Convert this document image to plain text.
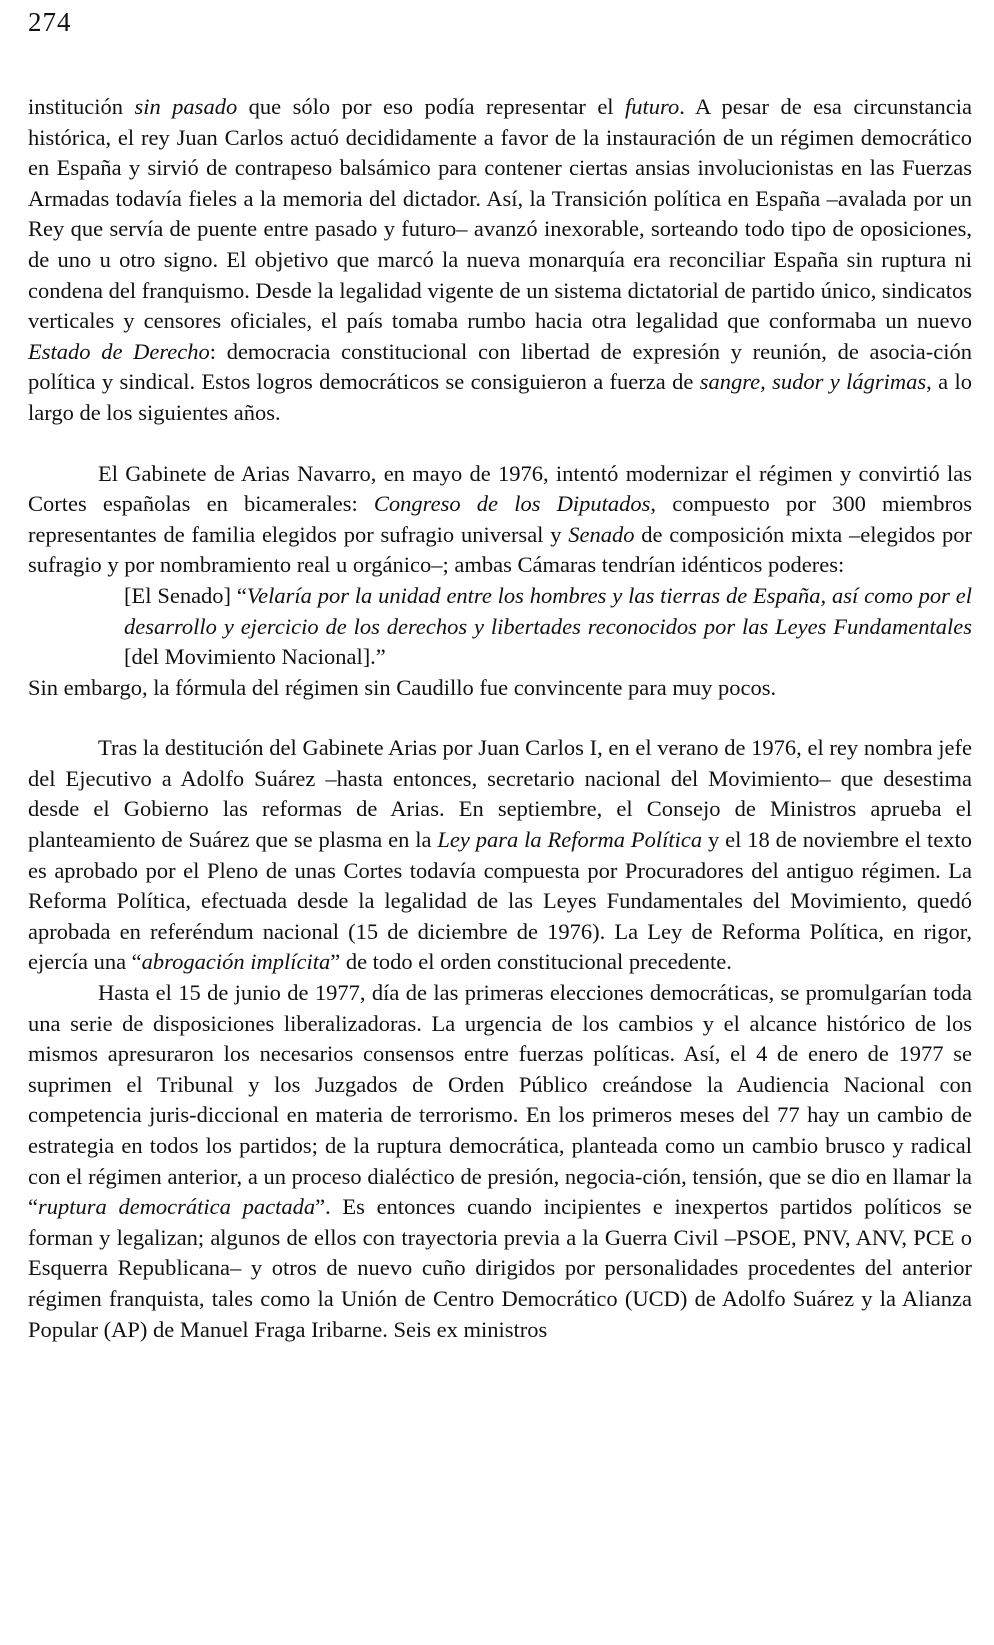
274

institución sin pasado que sólo por eso podía representar el futuro. A pesar de esa circunstancia histórica, el rey Juan Carlos actuó decididamente a favor de la instauración de un régimen democrático en España y sirvió de contrapeso balsámico para contener ciertas ansias involucionistas en las Fuerzas Armadas todavía fieles a la memoria del dictador. Así, la Transición política en España –avalada por un Rey que servía de puente entre pasado y futuro– avanzó inexorable, sorteando todo tipo de oposiciones, de uno u otro signo. El objetivo que marcó la nueva monarquía era reconciliar España sin ruptura ni condena del franquismo. Desde la legalidad vigente de un sistema dictatorial de partido único, sindicatos verticales y censores oficiales, el país tomaba rumbo hacia otra legalidad que conformaba un nuevo Estado de Derecho: democracia constitucional con libertad de expresión y reunión, de asocia-ción política y sindical. Estos logros democráticos se consiguieron a fuerza de sangre, sudor y lágrimas, a lo largo de los siguientes años.

El Gabinete de Arias Navarro, en mayo de 1976, intentó modernizar el régimen y convirtió las Cortes españolas en bicamerales: Congreso de los Diputados, compuesto por 300 miembros representantes de familia elegidos por sufragio universal y Senado de composición mixta –elegidos por sufragio y por nombramiento real u orgánico–; ambas Cámaras tendrían idénticos poderes:

[El Senado] “Velaría por la unidad entre los hombres y las tierras de España, así como por el desarrollo y ejercicio de los derechos y libertades reconocidos por las Leyes Fundamentales [del Movimiento Nacional].”

Sin embargo, la fórmula del régimen sin Caudillo fue convincente para muy pocos.

Tras la destitución del Gabinete Arias por Juan Carlos I, en el verano de 1976, el rey nombra jefe del Ejecutivo a Adolfo Suárez –hasta entonces, secretario nacional del Movimiento– que desestima desde el Gobierno las reformas de Arias. En septiembre, el Consejo de Ministros aprueba el planteamiento de Suárez que se plasma en la Ley para la Reforma Política y el 18 de noviembre el texto es aprobado por el Pleno de unas Cortes todavía compuesta por Procuradores del antiguo régimen. La Reforma Política, efectuada desde la legalidad de las Leyes Fundamentales del Movimiento, quedó aprobada en referéndum nacional (15 de diciembre de 1976). La Ley de Reforma Política, en rigor, ejercía una “abrogación implícita” de todo el orden constitucional precedente.

Hasta el 15 de junio de 1977, día de las primeras elecciones democráticas, se promulgarían toda una serie de disposiciones liberalizadoras. La urgencia de los cambios y el alcance histórico de los mismos apresuraron los necesarios consensos entre fuerzas políticas. Así, el 4 de enero de 1977 se suprimen el Tribunal y los Juzgados de Orden Público creándose la Audiencia Nacional con competencia juris-diccional en materia de terrorismo. En los primeros meses del 77 hay un cambio de estrategia en todos los partidos; de la ruptura democrática, planteada como un cambio brusco y radical con el régimen anterior, a un proceso dialéctico de presión, negocia-ción, tensión, que se dio en llamar la “ruptura democrática pactada”. Es entonces cuando incipientes e inexpertos partidos políticos se forman y legalizan; algunos de ellos con trayectoria previa a la Guerra Civil –PSOE, PNV, ANV, PCE o Esquerra Republicana– y otros de nuevo cuño dirigidos por personalidades procedentes del anterior régimen franquista, tales como la Unión de Centro Democrático (UCD) de Adolfo Suárez y la Alianza Popular (AP) de Manuel Fraga Iribarne. Seis ex ministros
